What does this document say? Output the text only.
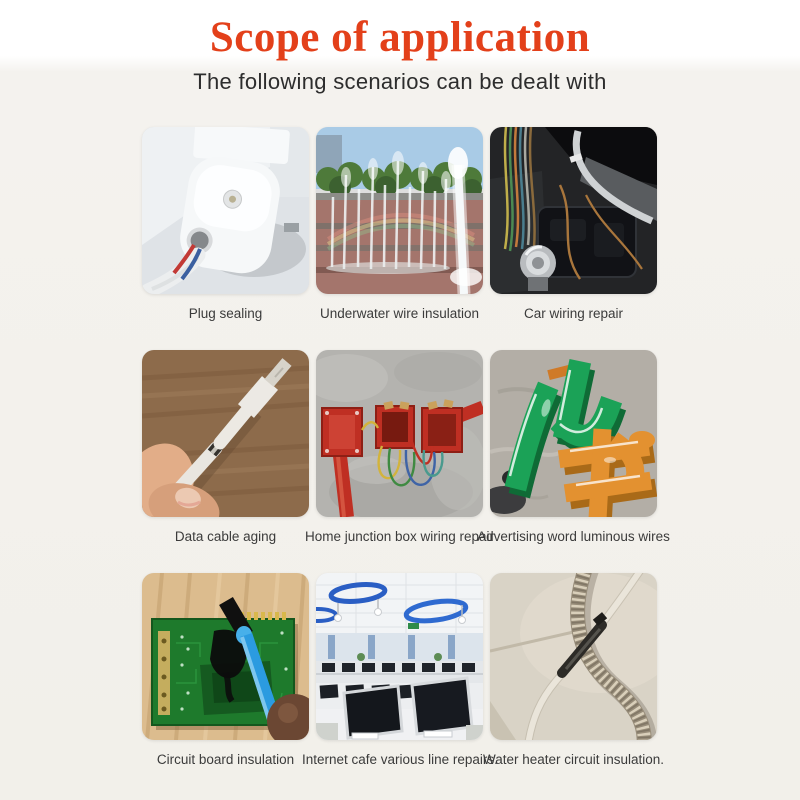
Scope of application

The following scenarios can be dealt with

Plug sealing	Underwater wire insulation	Car wiring repair
Data cable aging	Home junction box wiring repair
Advertising word luminous wires
Circuit board insulation Internet cafe various line repairs.
Water heater circuit insulation.
